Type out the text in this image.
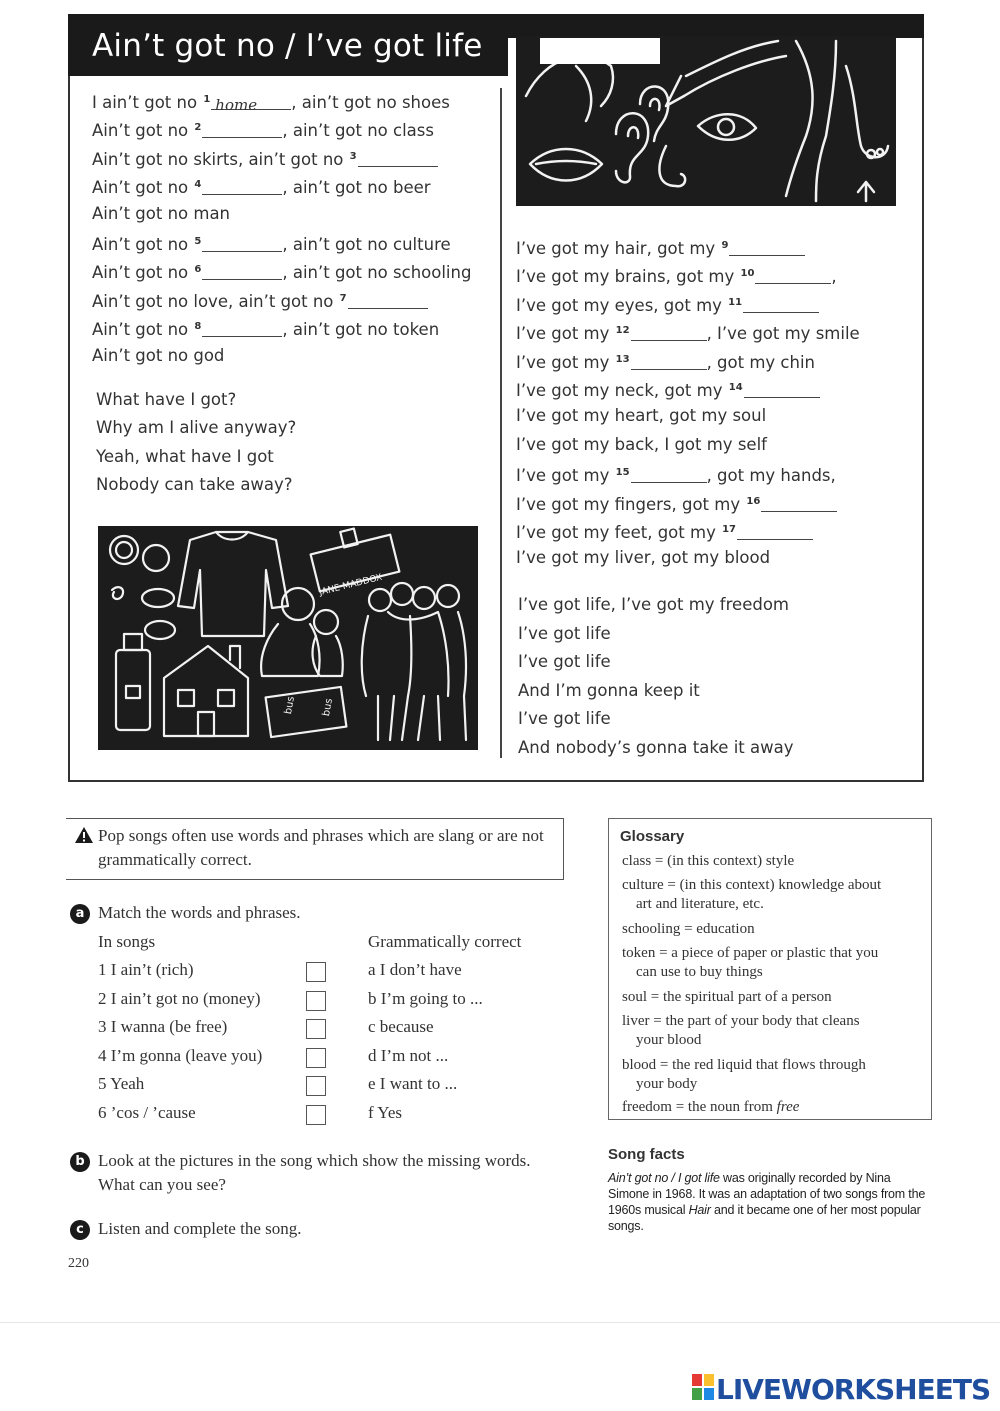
Ain’t got no / I’ve got life
I ain’t got no $^1$ home , ain’t got no shoes
Ain’t got no $^2$	, ain’t got no class
Ain’t got no skirts, ain’t got no $^3$
Ain’t got no $^4$	, ain’t got no beer
Ain’t got no man
Ain’t got no $^5$	, ain’t got no culture
Ain’t got no $^6$	, ain’t got no schooling
Ain’t got no love, ain’t got no $^7$
Ain’t got no $^8$	, ain’t got no token
Ain’t got no god
What have I got?
Why am I alive anyway?
Yeah, what have I got
Nobody can take away?
I’ve got my hair, got my $^9$
I’ve got my brains, got my $^{10}$	,
I’ve got my eyes, got my $^{11}$
I’ve got my $^{12}$	, I’ve got my smile
I’ve got my $^{13}$	, got my chin
I’ve got my neck, got my $^{14}$
I’ve got my heart, got my soul
I’ve got my back, I got my self
I’ve got my $^{15}$	, got my hands,
I’ve got my fingers, got my $^{16}$
I’ve got my feet, got my $^{17}$
I’ve got my liver, got my blood
I’ve got life, I’ve got my freedom
I’ve got life
I’ve got life
And I’m gonna keep it
I’ve got life
And nobody’s gonna take it away
JANE MADDOX
bus bus
Pop songs often use words and phrases which are slang or are not grammatically correct.
a Match the words and phrases.
In songs	Grammatically correct
1 I ain’t (rich)	a I don’t have
2 I ain’t got no (money)	b I’m going to ...
3 I wanna (be free)	c because
4 I’m gonna (leave you)	d I’m not ...
5 Yeah	e I want to ...
6 ’cos / ’cause	f Yes
b Look at the pictures in the song which show the missing words. What can you see?
c Listen and complete the song.
Glossary
class = (in this context) style
culture = (in this context) knowledge about
art and literature, etc.
schooling = education
token = a piece of paper or plastic that you
can use to buy things
soul = the spiritual part of a person
liver = the part of your body that cleans
your blood
blood = the red liquid that flows through
your body
freedom = the noun from free
Song facts
Ain’t got no / I got life was originally recorded by Nina Simone in 1968. It was an adaptation of two songs from the 1960s musical Hair and it became one of her most popular songs.
220
LIVEWORKSHEETS
